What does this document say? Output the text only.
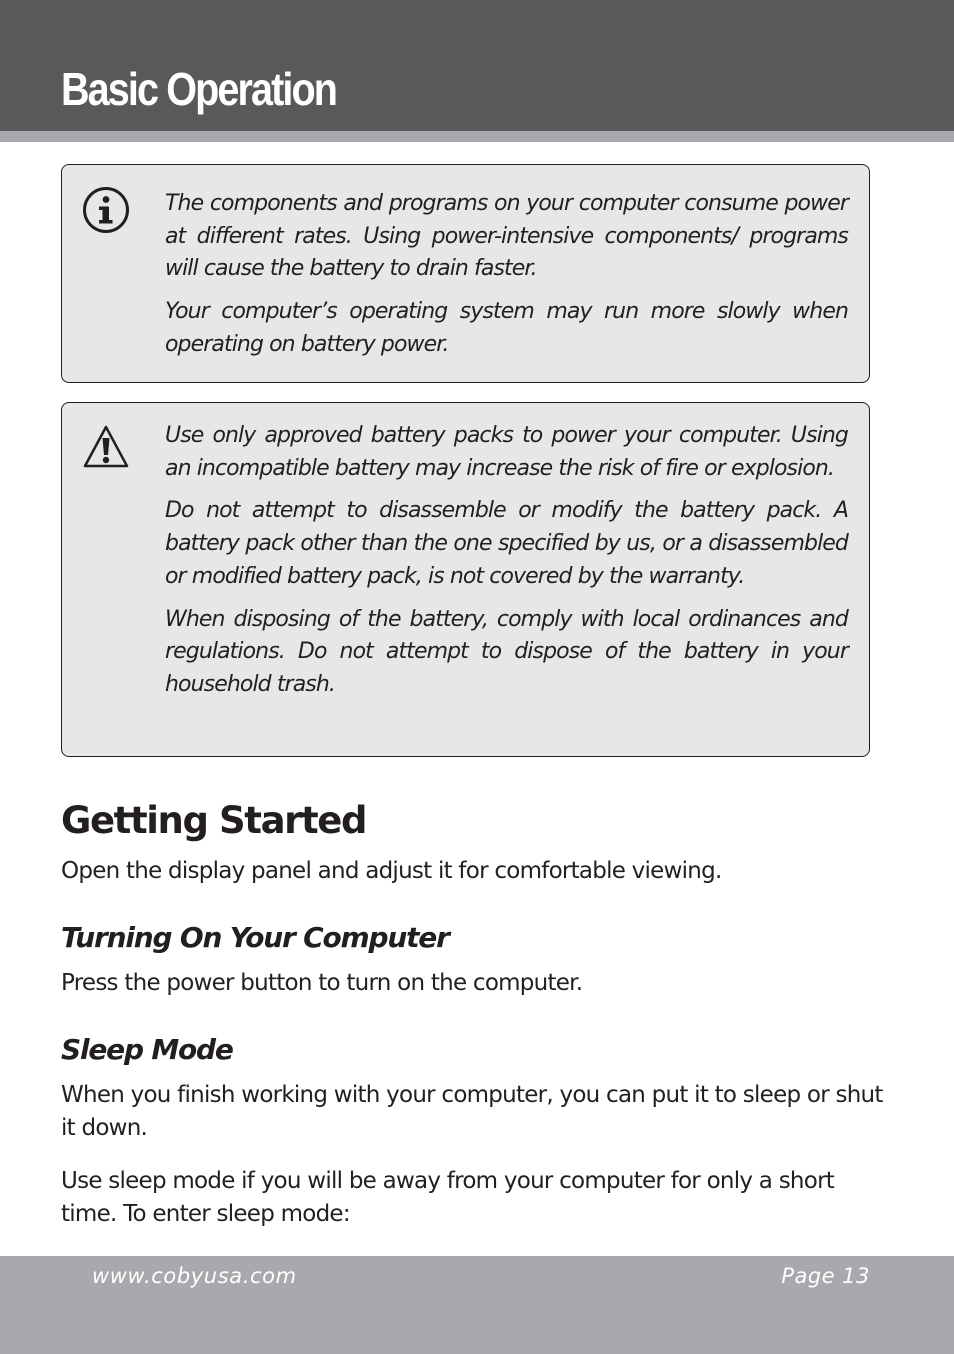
Basic Operation

The components and programs on your computer consume power at different rates. Using power-intensive components/ programs will cause the battery to drain faster.

Your computer’s operating system may run more slowly when operating on battery power.

Use only approved battery packs to power your computer. Using an incompatible battery may increase the risk of fire or explosion.

Do not attempt to disassemble or modify the battery pack. A battery pack other than the one specified by us, or a disassembled or modified battery pack, is not covered by the warranty.

When disposing of the battery, comply with local ordinances and regulations. Do not attempt to dispose of the battery in your household trash.

Getting Started

Open the display panel and adjust it for comfortable viewing.

Turning On Your Computer

Press the power button to turn on the computer.

Sleep Mode

When you finish working with your computer, you can put it to sleep or shut it down.

Use sleep mode if you will be away from your computer for only a short time. To enter sleep mode:

www.cobyusa.com	Page 13
